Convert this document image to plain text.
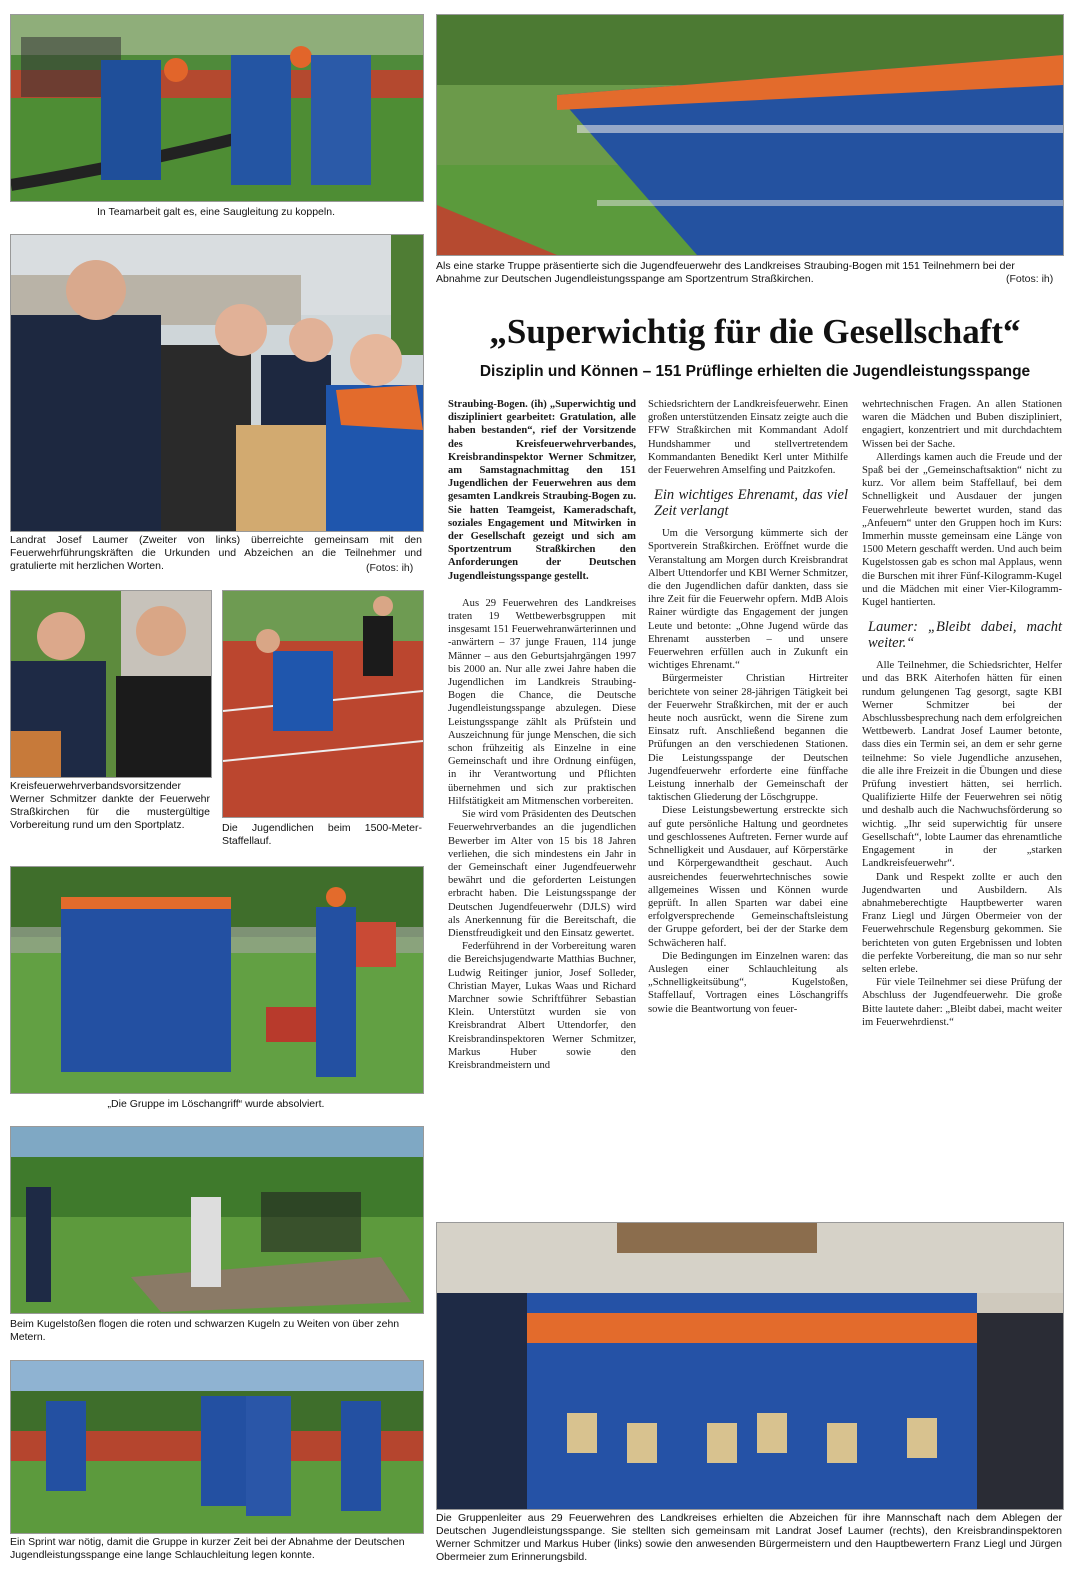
In Teamarbeit galt es, eine Saugleitung zu koppeln.
Als eine starke Truppe präsentierte sich die Jugendfeuerwehr des Landkreises Straubing-Bogen mit 151 Teilnehmern bei der Abnahme zur Deutschen Jugendleistungsspange am Sportzentrum Straßkirchen.	(Fotos: ih)
Landrat Josef Laumer (Zweiter von links) überreichte gemeinsam mit den Feuerwehrführungskräften die Urkunden und Abzeichen an die Teilnehmer und gratulierte mit herzlichen Worten.	(Fotos: ih)
Kreisfeuerwehrverbandsvorsitzender Werner Schmitzer dankte der Feuerwehr Straßkirchen für die mustergültige Vorbereitung rund um den Sportplatz.	Die Jugendlichen beim 1500-Meter-Staffellauf.
„Die Gruppe im Löschangriff“ wurde absolviert.
Beim Kugelstoßen flogen die roten und schwarzen Kugeln zu Weiten von über zehn Metern.
Ein Sprint war nötig, damit die Gruppe in kurzer Zeit bei der Abnahme der Deutschen Jugendleistungsspange eine lange Schlauchleitung legen konnte.
Die Gruppenleiter aus 29 Feuerwehren des Landkreises erhielten die Abzeichen für ihre Mannschaft nach dem Ablegen der Deutschen Jugendleistungsspange. Sie stellten sich gemeinsam mit Landrat Josef Laumer (rechts), den Kreisbrandinspektoren Werner Schmitzer und Markus Huber (links) sowie den anwesenden Bürgermeistern und den Hauptbewertern Franz Liegl und Jürgen Obermeier zum Erinnerungsbild.
„Superwichtig für die Gesellschaft“
Disziplin und Können – 151 Prüflinge erhielten die Jugendleistungsspange

Straubing-Bogen. (ih) „Superwichtig und diszipliniert gearbeitet: Gratulation, alle haben bestanden“, rief der Vorsitzende des Kreisfeuerwehrverbandes, Kreisbrandinspektor Werner Schmitzer, am Samstagnachmittag den 151 Jugendlichen der Feuerwehren aus dem gesamten Landkreis Straubing-Bogen zu. Sie hatten Teamgeist, Kameradschaft, soziales Engagement und Mitwirken in der Gesellschaft gezeigt und sich am Sportzentrum Straßkirchen den Anforderungen der Deutschen Jugendleistungsspange gestellt.

Aus 29 Feuerwehren des Landkreises traten 19 Wettbewerbsgruppen mit insgesamt 151 Feuerwehranwärterinnen und -anwärtern – 37 junge Frauen, 114 junge Männer – aus den Geburtsjahrgängen 1997 bis 2000 an. Nur alle zwei Jahre haben die Jugendlichen im Landkreis Straubing-Bogen die Chance, die Deutsche Jugendleistungsspange abzulegen. Diese Leistungsspange zählt als Prüfstein und Auszeichnung für junge Menschen, die sich schon frühzeitig als Einzelne in eine Gemeinschaft und ihre Ordnung einfügen, in ihr Verantwortung und Pflichten übernehmen und sich zur praktischen Hilfstätigkeit am Mitmenschen vorbereiten.

Sie wird vom Präsidenten des Deutschen Feuerwehrverbandes an die jugendlichen Bewerber im Alter von 15 bis 18 Jahren verliehen, die sich mindestens ein Jahr in der Gemeinschaft einer Jugendfeuerwehr bewährt und die geforderten Leistungen erbracht haben. Die Leistungsspange der Deutschen Jugendfeuerwehr (DJLS) wird als Anerkennung für die Bereitschaft, die Dienstfreudigkeit und den Einsatz gewertet.

Federführend in der Vorbereitung waren die Bereichsjugendwarte Matthias Buchner, Ludwig Reitinger junior, Josef Solleder, Christian Mayer, Lukas Waas und Richard Marchner sowie Schriftführer Sebastian Klein. Unterstützt wurden sie von Kreisbrandrat Albert Uttendorfer, den Kreisbrandinspektoren Werner Schmitzer, Markus Huber sowie den Kreisbrandmeistern und

Schiedsrichtern der Landkreisfeuerwehr. Einen großen unterstützenden Einsatz zeigte auch die FFW Straßkirchen mit Kommandant Adolf Hundshammer und stellvertretendem Kommandanten Benedikt Kerl unter Mithilfe der Feuerwehren Amselfing und Paitzkofen.

Ein wichtiges Ehrenamt, das viel Zeit verlangt

Um die Versorgung kümmerte sich der Sportverein Straßkirchen. Eröffnet wurde die Veranstaltung am Morgen durch Kreisbrandrat Albert Uttendorfer und KBI Werner Schmitzer, die den Jugendlichen dafür dankten, dass sie ihre Zeit für die Feuerwehr opfern. MdB Alois Rainer würdigte das Engagement der jungen Leute und betonte: „Ohne Jugend würde das Ehrenamt aussterben – und unsere Feuerwehren erfüllen auch in Zukunft ein wichtiges Ehrenamt.“

Bürgermeister Christian Hirtreiter berichtete von seiner 28-jährigen Tätigkeit bei der Feuerwehr Straßkirchen, mit der er auch heute noch ausrückt, wenn die Sirene zum Einsatz ruft. Anschließend begannen die Prüfungen an den verschiedenen Stationen. Die Leistungsspange der Deutschen Jugendfeuerwehr erforderte eine fünffache Leistung innerhalb der Gemeinschaft der taktischen Gliederung der Löschgruppe.

Diese Leistungsbewertung erstreckte sich auf gute persönliche Haltung und geordnetes und geschlossenes Auftreten. Ferner wurde auf Schnelligkeit und Ausdauer, auf Körperstärke und Körpergewandtheit geschaut. Auch ausreichendes feuerwehrtechnisches sowie allgemeines Wissen und Können wurde geprüft. In allen Sparten war dabei eine erfolgversprechende Gemeinschaftsleistung der Gruppe gefordert, bei der der Starke dem Schwächeren half.

Die Bedingungen im Einzelnen waren: das Auslegen einer Schlauchleitung als „Schnelligkeitsübung“, Kugelstoßen, Staffellauf, Vortragen eines Löschangriffs sowie die Beantwortung von feuer-

wehrtechnischen Fragen. An allen Stationen waren die Mädchen und Buben diszipliniert, engagiert, konzentriert und mit durchdachtem Wissen bei der Sache.

Allerdings kamen auch die Freude und der Spaß bei der „Gemeinschaftsaktion“ nicht zu kurz. Vor allem beim Staffellauf, bei dem Schnelligkeit und Ausdauer der jungen Feuerwehrleute bewertet wurden, stand das „Anfeuern“ unter den Gruppen hoch im Kurs: Immerhin musste gemeinsam eine Länge von 1500 Metern geschafft werden. Und auch beim Kugelstossen gab es schon mal Applaus, wenn die Burschen mit ihrer Fünf-Kilogramm-Kugel und die Mädchen mit einer Vier-Kilogramm-Kugel hantierten.

Laumer: „Bleibt dabei, macht weiter.“

Alle Teilnehmer, die Schiedsrichter, Helfer und das BRK Aiterhofen hätten für einen rundum gelungenen Tag gesorgt, sagte KBI Werner Schmitzer bei der Abschlussbesprechung nach dem erfolgreichen Wettbewerb. Landrat Josef Laumer betonte, dass dies ein Termin sei, an dem er sehr gerne teilnehme: So viele Jugendliche anzusehen, die alle ihre Freizeit in die Übungen und diese Prüfung investiert hätten, sei herrlich. Qualifizierte Hilfe der Feuerwehren sei nötig und deshalb auch die Nachwuchsförderung so wichtig. „Ihr seid superwichtig für unsere Gesellschaft“, lobte Laumer das ehrenamtliche Engagement in der „starken Landkreisfeuerwehr“.

Dank und Respekt zollte er auch den Jugendwarten und Ausbildern. Als abnahmeberechtigte Hauptbewerter waren Franz Liegl und Jürgen Obermeier von der Feuerwehrschule Regensburg gekommen. Sie berichteten von guten Ergebnissen und lobten die perfekte Vorbereitung, die man so nur sehr selten erlebe.

Für viele Teilnehmer sei diese Prüfung der Abschluss der Jugendfeuerwehr. Die große Bitte lautete daher: „Bleibt dabei, macht weiter im Feuerwehrdienst.“
